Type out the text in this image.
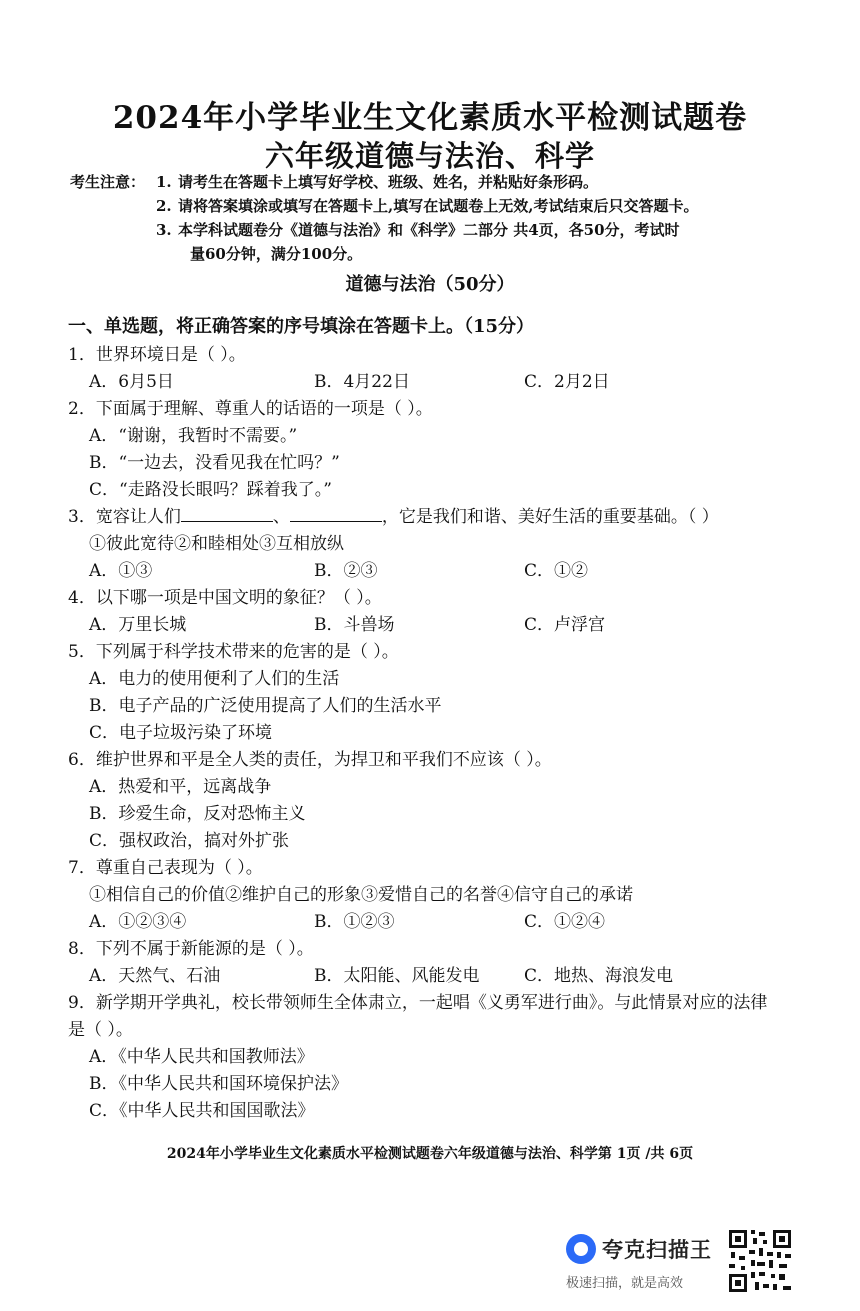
2024年小学毕业生文化素质水平检测试题卷
六年级道德与法治、科学
考生注意： 1. 请考生在答题卡上填写好学校、班级、姓名，并粘贴好条形码。
2. 请将答案填涂或填写在答题卡上,填写在试题卷上无效,考试结束后只交答题卡。
3. 本学科试题卷分《道德与法治》和《科学》二部分 共4页，各50分，考试时
量60分钟，满分100分。
道德与法治（50分）
一、单选题，将正确答案的序号填涂在答题卡上。（15分）
1．世界环境日是（ ）。
A．6月5日	B．4月22日	C．2月2日
2．下面属于理解、尊重人的话语的一项是（ ）。
A．“谢谢，我暂时不需要。”
B．“一边去，没看见我在忙吗？”
C．“走路没长眼吗？踩着我了。”
3．宽容让人们	、	，它是我们和谐、美好生活的重要基础。（ ）
①彼此宽待②和睦相处③互相放纵
A．①③	B．②③	C．①②
4．以下哪一项是中国文明的象征？（ ）。
A．万里长城	B．斗兽场	C．卢浮宫
5．下列属于科学技术带来的危害的是（ ）。
A．电力的使用便利了人们的生活
B．电子产品的广泛使用提高了人们的生活水平
C．电子垃圾污染了环境
6．维护世界和平是全人类的责任，为捍卫和平我们不应该（ ）。
A．热爱和平，远离战争
B．珍爱生命，反对恐怖主义
C．强权政治，搞对外扩张
7．尊重自己表现为（ ）。
①相信自己的价值②维护自己的形象③爱惜自己的名誉④信守自己的承诺
A．①②③④	B．①②③	C．①②④
8．下列不属于新能源的是（ ）。
A．天然气、石油	B．太阳能、风能发电	C．地热、海浪发电
9．新学期开学典礼，校长带领师生全体肃立，一起唱《义勇军进行曲》。与此情景对应的法律
是（ ）。
A．《中华人民共和国教师法》
B．《中华人民共和国环境保护法》
C．《中华人民共和国国歌法》
2024年小学毕业生文化素质水平检测试题卷六年级道德与法治、科学第 1页 /共 6页
夸克扫描王
极速扫描，就是高效
